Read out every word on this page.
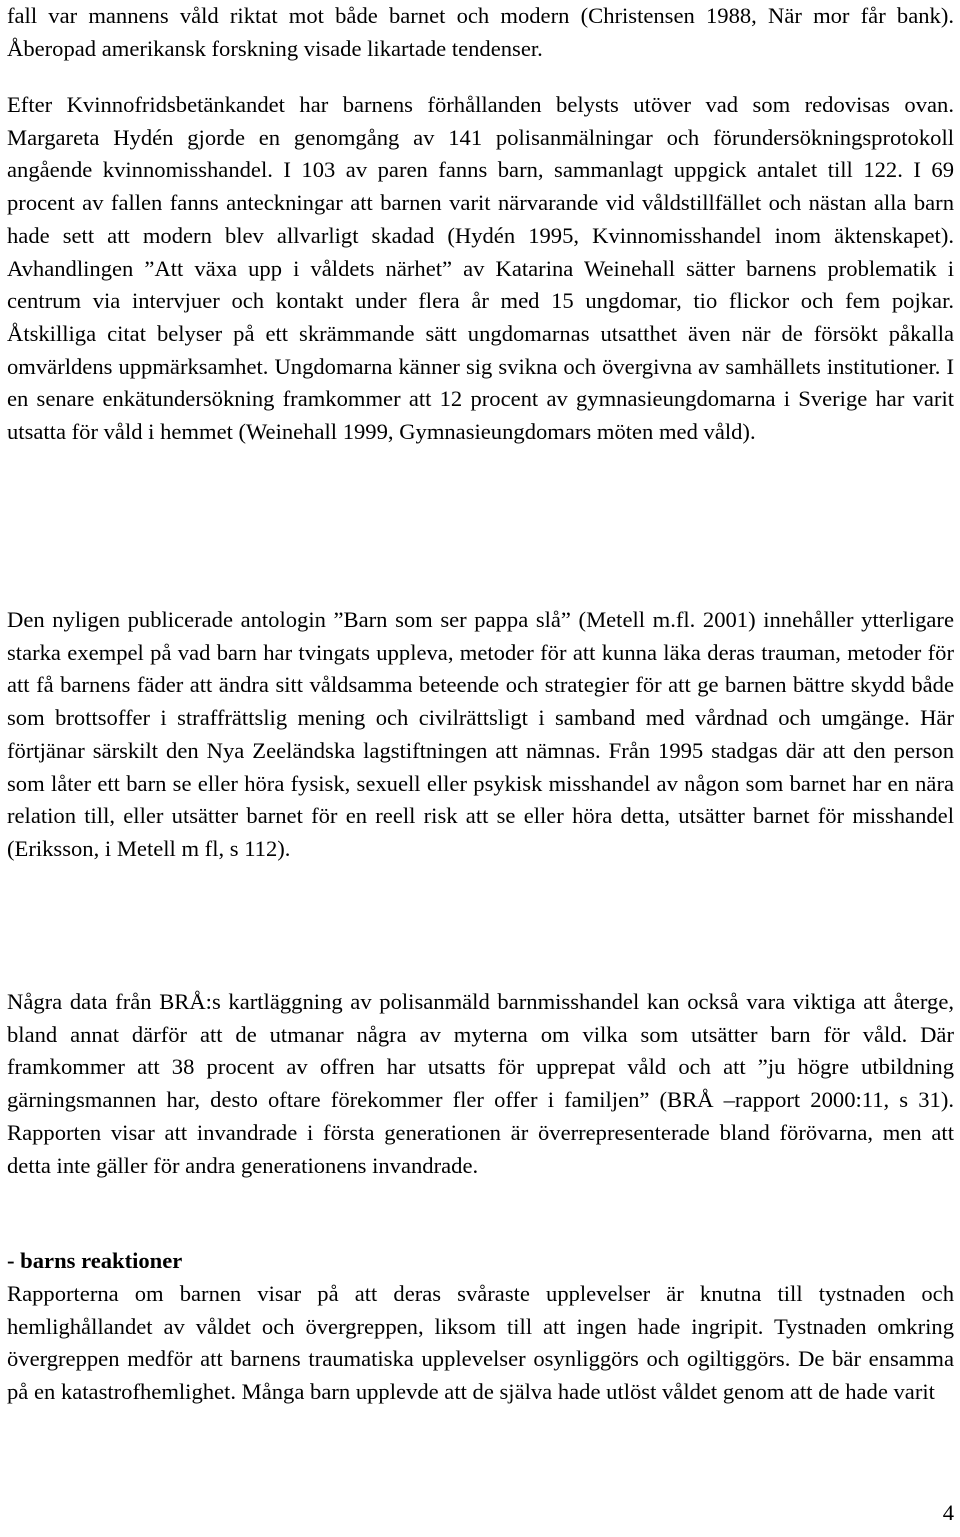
fall var mannens våld riktat mot både barnet och modern (Christensen 1988, När mor får bank). Åberopad amerikansk forskning visade likartade tendenser.

Efter Kvinnofridsbetänkandet har barnens förhållanden belysts utöver vad som redovisas ovan. Margareta Hydén gjorde en genomgång av 141 polisanmälningar och förundersökningsprotokoll angående kvinnomisshandel. I 103 av paren fanns barn, sammanlagt uppgick antalet till 122. I 69 procent av fallen fanns anteckningar att barnen varit närvarande vid våldstillfället och nästan alla barn hade sett att modern blev allvarligt skadad (Hydén 1995, Kvinnomisshandel inom äktenskapet). Avhandlingen ”Att växa upp i våldets närhet” av Katarina Weinehall sätter barnens problematik i centrum via intervjuer och kontakt under flera år med 15 ungdomar, tio flickor och fem pojkar. Åtskilliga citat belyser på ett skrämmande sätt ungdomarnas utsatthet även när de försökt påkalla omvärldens uppmärksamhet. Ungdomarna känner sig svikna och övergivna av samhällets institutioner. I en senare enkätundersökning framkommer att 12 procent av gymnasieungdomarna i Sverige har varit utsatta för våld i hemmet (Weinehall 1999, Gymnasieungdomars möten med våld).

Den nyligen publicerade antologin ”Barn som ser pappa slå” (Metell m.fl. 2001) innehåller ytterligare starka exempel på vad barn har tvingats uppleva, metoder för att kunna läka deras trauman, metoder för att få barnens fäder att ändra sitt våldsamma beteende och strategier för att ge barnen bättre skydd både som brottsoffer i straffrättslig mening och civilrättsligt i samband med vårdnad och umgänge. Här förtjänar särskilt den Nya Zeeländska lagstiftningen att nämnas. Från 1995 stadgas där att den person som låter ett barn se eller höra fysisk, sexuell eller psykisk misshandel av någon som barnet har en nära relation till, eller utsätter barnet för en reell risk att se eller höra detta, utsätter barnet för misshandel (Eriksson, i Metell m fl, s 112).

Några data från BRÅ:s kartläggning av polisanmäld barnmisshandel kan också vara viktiga att återge, bland annat därför att de utmanar några av myterna om vilka som utsätter barn för våld. Där framkommer att 38 procent av offren har utsatts för upprepat våld och att ”ju högre utbildning gärningsmannen har, desto oftare förekommer fler offer i familjen” (BRÅ –rapport 2000:11, s 31). Rapporten visar att invandrade i första generationen är överrepresenterade bland förövarna, men att detta inte gäller för andra generationens invandrade.

- barns reaktioner

Rapporterna om barnen visar på att deras svåraste upplevelser är knutna till tystnaden och hemlighållandet av våldet och övergreppen, liksom till att ingen hade ingripit. Tystnaden omkring övergreppen medför att barnens traumatiska upplevelser osynliggörs och ogiltiggörs. De bär ensamma på en katastrofhemlighet. Många barn upplevde att de själva hade utlöst våldet genom att de hade varit

4
